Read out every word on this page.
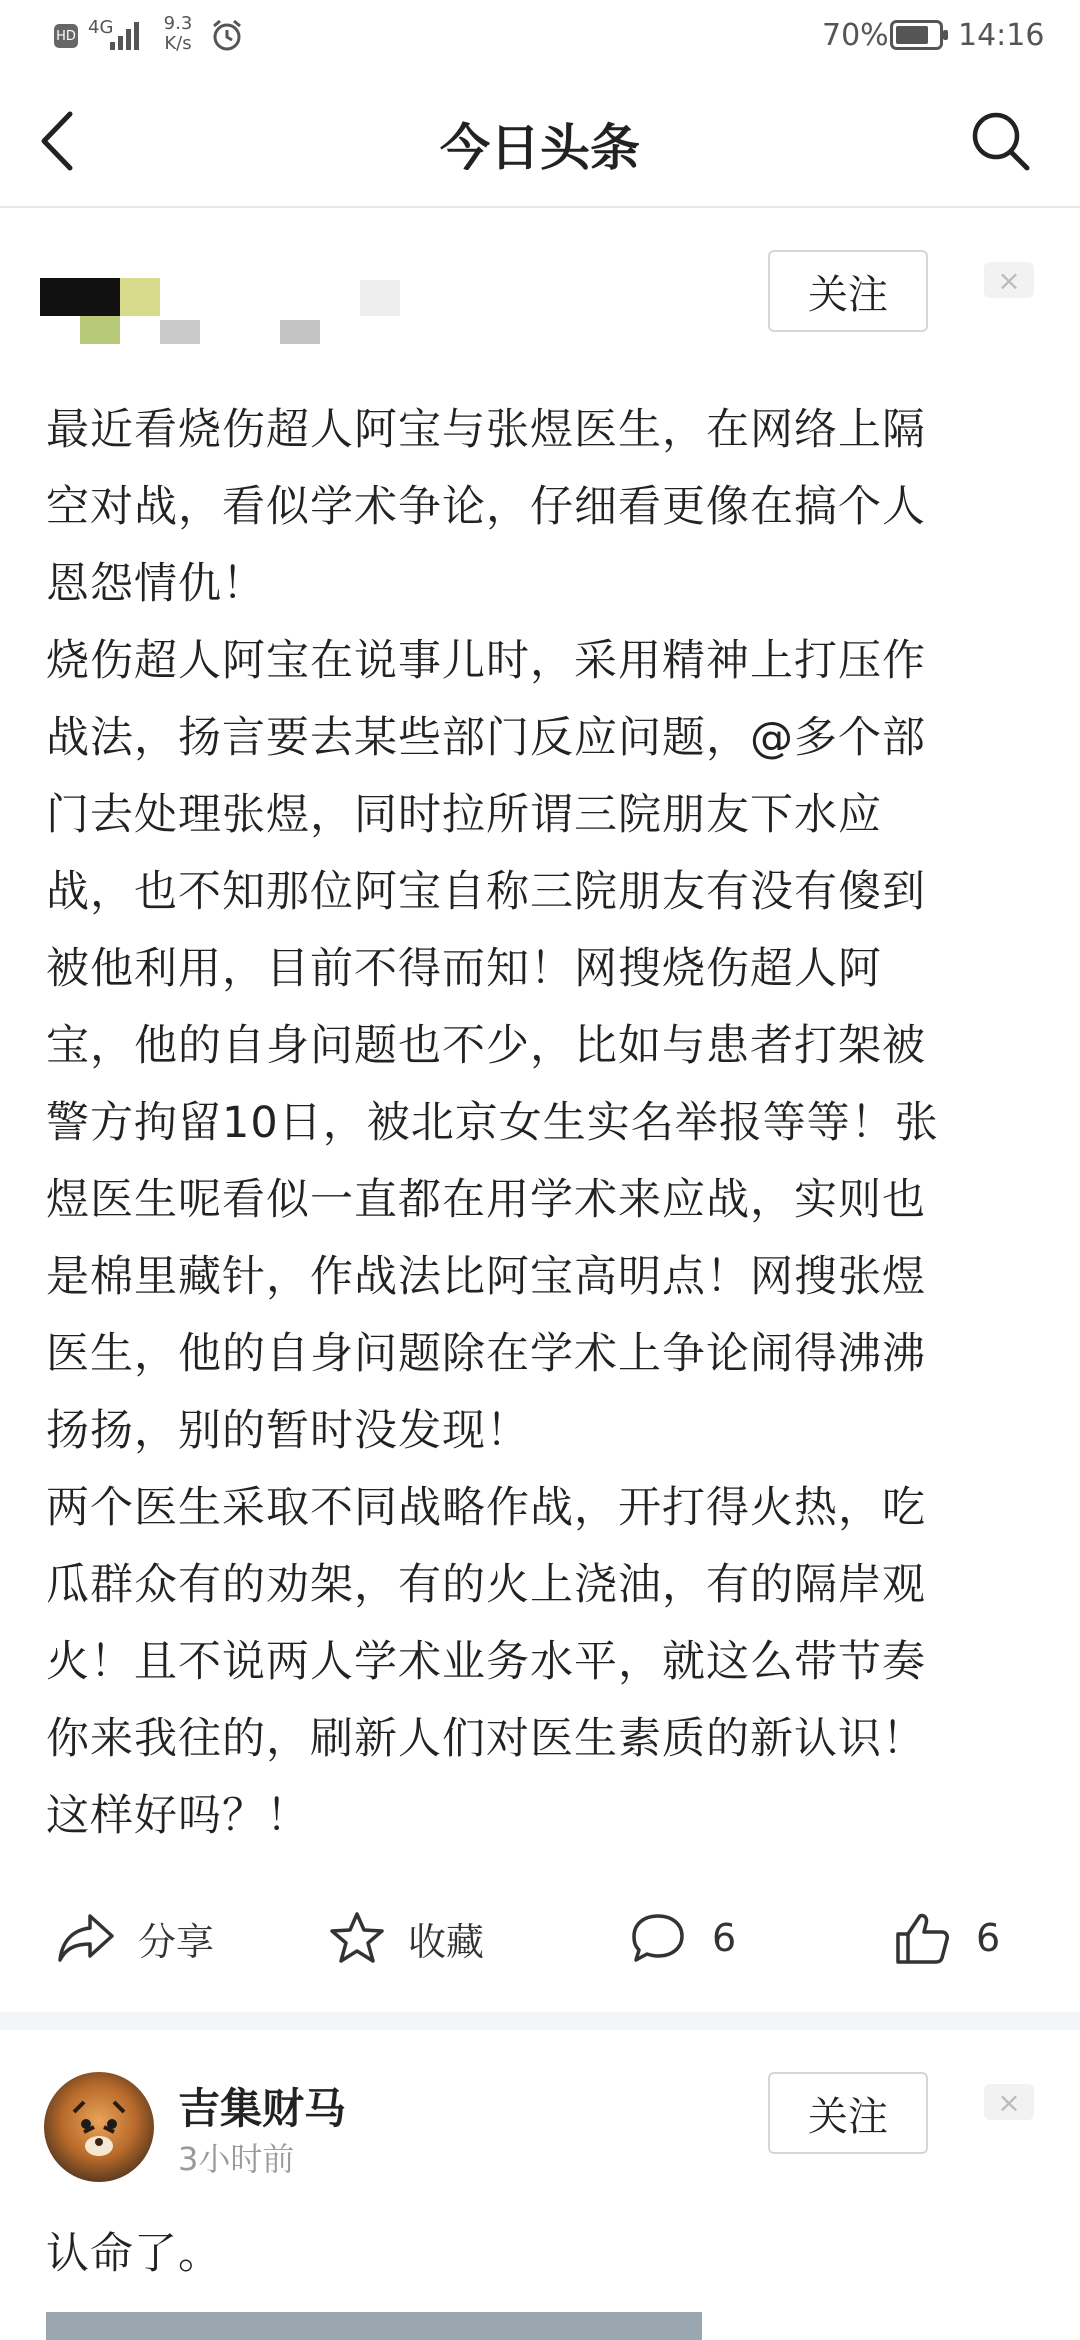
HD 4G	9.3
K/s	70% 14:16
今日头条
关注	×
最近看烧伤超人阿宝与张煜医生，在网络上隔
空对战，看似学术争论，仔细看更像在搞个人
恩怨情仇！
烧伤超人阿宝在说事儿时，采用精神上打压作
战法，扬言要去某些部门反应问题，@多个部
门去处理张煜，同时拉所谓三院朋友下水应
战，也不知那位阿宝自称三院朋友有没有傻到
被他利用，目前不得而知！网搜烧伤超人阿
宝，他的自身问题也不少，比如与患者打架被
警方拘留10日，被北京女生实名举报等等！张
煜医生呢看似一直都在用学术来应战，实则也
是棉里藏针，作战法比阿宝高明点！网搜张煜
医生，他的自身问题除在学术上争论闹得沸沸
扬扬，别的暂时没发现！
两个医生采取不同战略作战，开打得火热，吃
瓜群众有的劝架，有的火上浇油，有的隔岸观
火！且不说两人学术业务水平，就这么带节奏
你来我往的，刷新人们对医生素质的新认识！
这样好吗？！
分享	收藏	6	6
吉集财马
3小时前
关注	×
认命了。
